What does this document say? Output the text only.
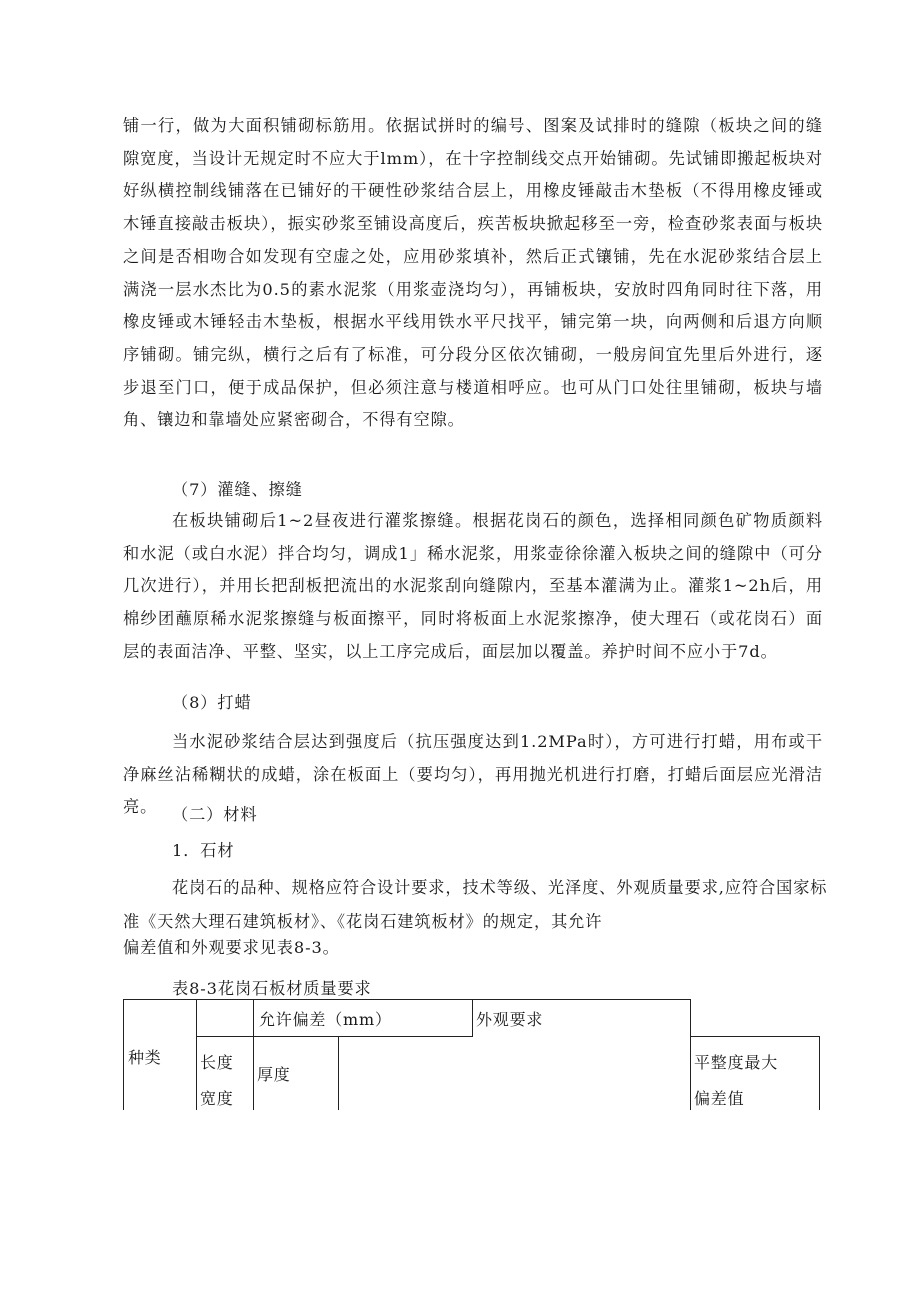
铺一行，做为大面积铺砌标筋用。依据试拼时的编号、图案及试排时的缝隙（板块之间的缝隙宽度，当设计无规定时不应大于lmm），在十字控制线交点开始铺砌。先试铺即搬起板块对好纵横控制线铺落在已铺好的干硬性砂浆结合层上，用橡皮锤敲击木垫板（不得用橡皮锤或木锤直接敲击板块），振实砂浆至铺设高度后，疾苦板块掀起移至一旁，检查砂浆表面与板块之间是否相吻合如发现有空虚之处，应用砂浆填补，然后正式镶铺，先在水泥砂浆结合层上满浇一层水杰比为0.5的素水泥浆（用浆壶浇均匀），再铺板块，安放时四角同时往下落，用橡皮锤或木锤轻击木垫板，根据水平线用铁水平尺找平，铺完第一块，向两侧和后退方向顺序铺砌。铺完纵，横行之后有了标准，可分段分区依次铺砌，一般房间宜先里后外进行，逐步退至门口，便于成品保护，但必须注意与楼道相呼应。也可从门口处往里铺砌，板块与墙角、镶边和靠墙处应紧密砌合，不得有空隙。

（7）灌缝、擦缝

在板块铺砌后1~2昼夜进行灌浆擦缝。根据花岗石的颜色，选择相同颜色矿物质颜料和水泥（或白水泥）拌合均匀，调成1」稀水泥浆，用浆壶徐徐灌入板块之间的缝隙中（可分几次进行），并用长把刮板把流出的水泥浆刮向缝隙内，至基本灌满为止。灌浆1~2h后，用棉纱团蘸原稀水泥浆擦缝与板面擦平，同时将板面上水泥浆擦净，使大理石（或花岗石）面层的表面洁净、平整、坚实，以上工序完成后，面层加以覆盖。养护时间不应小于7d。

（8）打蜡

当水泥砂浆结合层达到强度后（抗压强度达到1.2MPa时），方可进行打蜡，用布或干净麻丝沾稀糊状的成蜡，涂在板面上（要均匀），再用抛光机进行打磨，打蜡后面层应光滑洁亮。 （二）材料

1．石材

花岗石的品种、规格应符合设计要求，技术等级、光泽度、外观质量要求,应符合国家标

准《天然大理石建筑板材》、《花岗石建筑板材》的规定，其允许

偏差值和外观要求见表8-3。

表8-3花岗石板材质量要求

种类
允许偏差（mm）	外观要求
长度
宽度
厚度
平整度最大
偏差值
